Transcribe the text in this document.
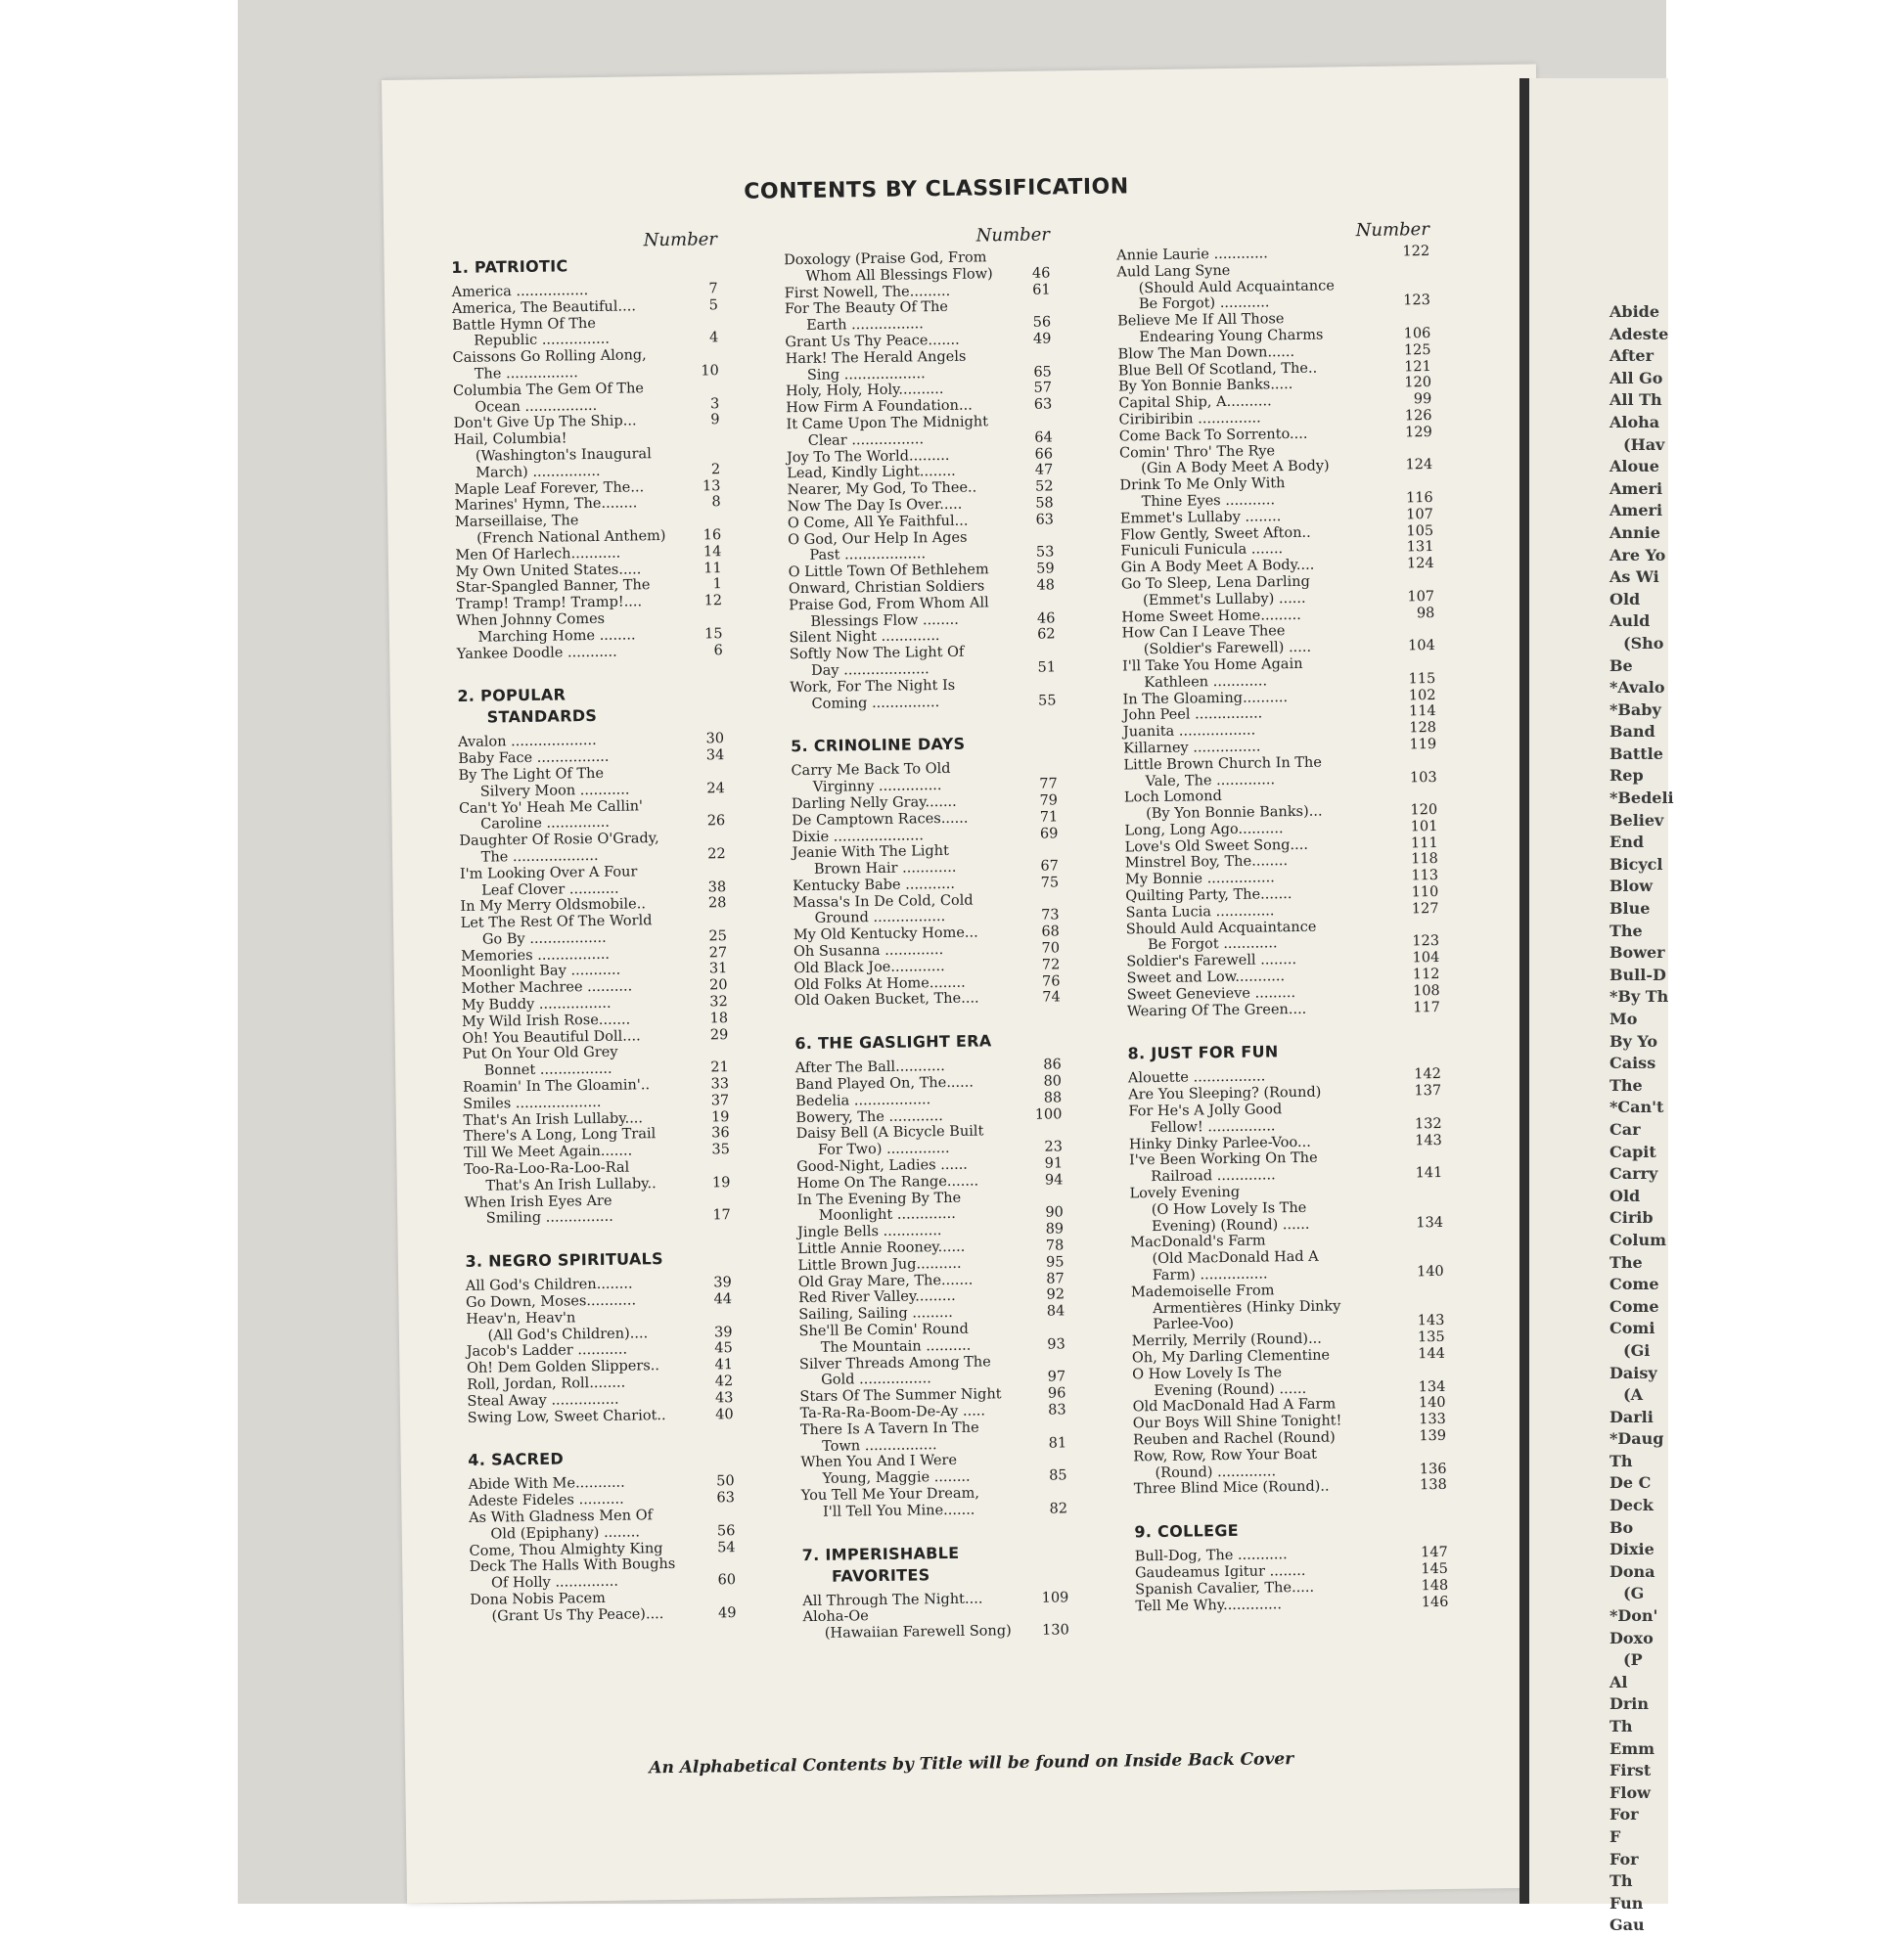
Abide
Adeste
After
All Go
All Th
Aloha
(Hav
Aloue
Ameri
Ameri
Annie
Are Yo
As Wi
Old
Auld
(Sho
Be
*Avalo
*Baby
Band
Battle
Rep
*Bedeli
Believ
End
Bicycl
Blow
Blue
The
Bower
Bull-D
*By Th
Mo
By Yo
Caiss
The
*Can't
Car
Capit
Carry
Old
Cirib
Colum
The
Come
Come
Comi
(Gi
Daisy
(A
Darli
*Daug
Th
De C
Deck
Bo
Dixie
Dona
(G
*Don'
Doxo
(P
Al
Drin
Th
Emm
First
Flow
For
F
For
Th
Fun
Gau
CONTENTS BY CLASSIFICATION
Number
1. PATRIOTIC
America ................	7
America, The Beautiful....	5
Battle Hymn Of The
Republic ...............	4
Caissons Go Rolling Along,
The ................	10
Columbia The Gem Of The
Ocean ................	3
Don't Give Up The Ship...	9
Hail, Columbia!
(Washington's Inaugural
March) ...............	2
Maple Leaf Forever, The...	13
Marines' Hymn, The........	8
Marseillaise, The
(French National Anthem)	16
Men Of Harlech...........	14
My Own United States.....	11
Star-Spangled Banner, The	1
Tramp! Tramp! Tramp!....	12
When Johnny Comes
Marching Home ........	15
Yankee Doodle ...........	6
2. POPULAR
STANDARDS
Avalon ...................	30
Baby Face ................	34
By The Light Of The
Silvery Moon ...........	24
Can't Yo' Heah Me Callin'
Caroline ..............	26
Daughter Of Rosie O'Grady,
The ...................	22
I'm Looking Over A Four
Leaf Clover ...........	38
In My Merry Oldsmobile..	28
Let The Rest Of The World
Go By .................	25
Memories ................	27
Moonlight Bay ...........	31
Mother Machree ..........	20
My Buddy ................	32
My Wild Irish Rose.......	18
Oh! You Beautiful Doll....	29
Put On Your Old Grey
Bonnet ................	21
Roamin' In The Gloamin'..	33
Smiles ...................	37
That's An Irish Lullaby....	19
There's A Long, Long Trail	36
Till We Meet Again.......	35
Too-Ra-Loo-Ra-Loo-Ral
That's An Irish Lullaby..	19
When Irish Eyes Are
Smiling ...............	17
3. NEGRO SPIRITUALS
All God's Children........	39
Go Down, Moses...........	44
Heav'n, Heav'n
(All God's Children)....	39
Jacob's Ladder ...........	45
Oh! Dem Golden Slippers..	41
Roll, Jordan, Roll........	42
Steal Away ...............	43
Swing Low, Sweet Chariot..	40
4. SACRED
Abide With Me...........	50
Adeste Fideles ..........	63
As With Gladness Men Of
Old (Epiphany) ........	56
Come, Thou Almighty King	54
Deck The Halls With Boughs
Of Holly ..............	60
Dona Nobis Pacem
(Grant Us Thy Peace)....	49
Number
Doxology (Praise God, From
Whom All Blessings Flow)	46
First Nowell, The.........	61
For The Beauty Of The
Earth ................	56
Grant Us Thy Peace.......	49
Hark! The Herald Angels
Sing ..................	65
Holy, Holy, Holy..........	57
How Firm A Foundation...	63
It Came Upon The Midnight
Clear ................	64
Joy To The World.........	66
Lead, Kindly Light........	47
Nearer, My God, To Thee..	52
Now The Day Is Over.....	58
O Come, All Ye Faithful...	63
O God, Our Help In Ages
Past ..................	53
O Little Town Of Bethlehem	59
Onward, Christian Soldiers	48
Praise God, From Whom All
Blessings Flow ........	46
Silent Night .............	62
Softly Now The Light Of
Day ...................	51
Work, For The Night Is
Coming ...............	55
5. CRINOLINE DAYS
Carry Me Back To Old
Virginny ..............	77
Darling Nelly Gray.......	79
De Camptown Races......	71
Dixie ....................	69
Jeanie With The Light
Brown Hair ............	67
Kentucky Babe ...........	75
Massa's In De Cold, Cold
Ground ................	73
My Old Kentucky Home...	68
Oh Susanna .............	70
Old Black Joe............	72
Old Folks At Home........	76
Old Oaken Bucket, The....	74
6. THE GASLIGHT ERA
After The Ball...........	86
Band Played On, The......	80
Bedelia .................	88
Bowery, The ............	100
Daisy Bell (A Bicycle Built
For Two) ..............	23
Good-Night, Ladies ......	91
Home On The Range.......	94
In The Evening By The
Moonlight .............	90
Jingle Bells .............	89
Little Annie Rooney......	78
Little Brown Jug..........	95
Old Gray Mare, The.......	87
Red River Valley.........	92
Sailing, Sailing .........	84
She'll Be Comin' Round
The Mountain ..........	93
Silver Threads Among The
Gold ................	97
Stars Of The Summer Night	96
Ta-Ra-Ra-Boom-De-Ay .....	83
There Is A Tavern In The
Town ................	81
When You And I Were
Young, Maggie ........	85
You Tell Me Your Dream,
I'll Tell You Mine.......	82
7. IMPERISHABLE
FAVORITES
All Through The Night....	109
Aloha-Oe
(Hawaiian Farewell Song)	130
Number
Annie Laurie ............	122
Auld Lang Syne
(Should Auld Acquaintance
Be Forgot) ...........	123
Believe Me If All Those
Endearing Young Charms	106
Blow The Man Down......	125
Blue Bell Of Scotland, The..	121
By Yon Bonnie Banks.....	120
Capital Ship, A..........	99
Ciribiribin ..............	126
Come Back To Sorrento....	129
Comin' Thro' The Rye
(Gin A Body Meet A Body)	124
Drink To Me Only With
Thine Eyes ...........	116
Emmet's Lullaby ........	107
Flow Gently, Sweet Afton..	105
Funiculi Funicula .......	131
Gin A Body Meet A Body....	124
Go To Sleep, Lena Darling
(Emmet's Lullaby) ......	107
Home Sweet Home.........	98
How Can I Leave Thee
(Soldier's Farewell) .....	104
I'll Take You Home Again
Kathleen ............	115
In The Gloaming..........	102
John Peel ...............	114
Juanita .................	128
Killarney ...............	119
Little Brown Church In The
Vale, The .............	103
Loch Lomond
(By Yon Bonnie Banks)...	120
Long, Long Ago..........	101
Love's Old Sweet Song....	111
Minstrel Boy, The........	118
My Bonnie ...............	113
Quilting Party, The.......	110
Santa Lucia .............	127
Should Auld Acquaintance
Be Forgot ............	123
Soldier's Farewell ........	104
Sweet and Low...........	112
Sweet Genevieve .........	108
Wearing Of The Green....	117
8. JUST FOR FUN
Alouette ................	142
Are You Sleeping? (Round)	137
For He's A Jolly Good
Fellow! ...............	132
Hinky Dinky Parlee-Voo...	143
I've Been Working On The
Railroad .............	141
Lovely Evening
(O How Lovely Is The
Evening) (Round) ......	134
MacDonald's Farm
(Old MacDonald Had A
Farm) ...............	140
Mademoiselle From
Armentières (Hinky Dinky
Parlee-Voo)	143
Merrily, Merrily (Round)...	135
Oh, My Darling Clementine	144
O How Lovely Is The
Evening (Round) ......	134
Old MacDonald Had A Farm	140
Our Boys Will Shine Tonight!	133
Reuben and Rachel (Round)	139
Row, Row, Row Your Boat
(Round) .............	136
Three Blind Mice (Round)..	138
9. COLLEGE
Bull-Dog, The ...........	147
Gaudeamus Igitur ........	145
Spanish Cavalier, The.....	148
Tell Me Why.............	146

An Alphabetical Contents by Title will be found on Inside Back Cover
